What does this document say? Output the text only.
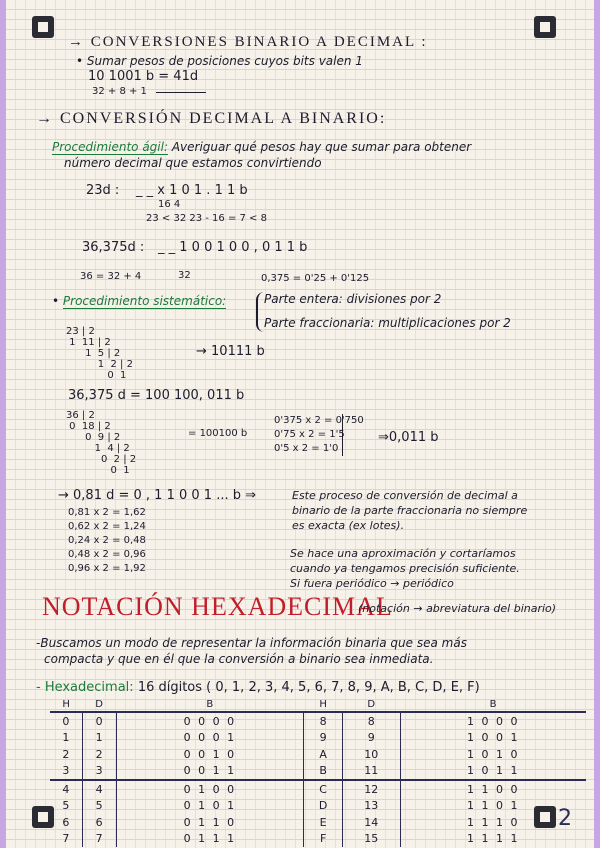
→ CONVERSIONES BINARIO A DECIMAL :
• Sumar pesos de posiciones cuyos bits valen 1
10 1001 b = 41d
32 + 8 + 1
→ CONVERSIÓN DECIMAL A BINARIO:
Procedimiento ágil: Averiguar qué pesos hay que sumar para obtener
número decimal que estamos convirtiendo
23d : _ _ x 1 0 1 . 1 1 b
16 4
23 < 32 23 - 16 = 7 < 8
36,375d : _ _ 1 0 0 1 0 0 , 0 1 1 b
32
36 = 32 + 4	0,375 = 0'25 + 0'125
• Procedimiento sistemático:	Parte entera: divisiones por 2
Parte fraccionaria: multiplicaciones por 2
23 | 2
1  11 | 2
1  5 | 2
1  2 | 2
0  1
→ 10111 b
36,375 d = 100 100, 011 b
36 | 2
0  18 | 2
0  9 | 2
1  4 | 2
0  2 | 2
0  1
= 100100 b
0'375 x 2 = 0'750
0'75 x 2 = 1'5
0'5 x 2 = 1'0
⇒0,011 b
→ 0,81 d = 0 , 1 1 0 0 1 ... b ⇒
0,81 x 2 = 1,62
0,62 x 2 = 1,24
0,24 x 2 = 0,48
0,48 x 2 = 0,96
0,96 x 2 = 1,92
Este proceso de conversión de decimal a
binario de la parte fraccionaria no siempre
es exacta (ex lotes).
Se hace una aproximación y cortaríamos
cuando ya tengamos precisión suficiente.
Si fuera periódico → periódico
NOTACIÓN HEXADECIMAL
(notación → abreviatura del binario)
-Buscamos un modo de representar la información binaria que sea más
compacta y que en él que la conversión a binario sea inmediata.
- Hexadecimal: 16 dígitos ( 0, 1, 2, 3, 4, 5, 6, 7, 8, 9, A, B, C, D, E, F)
H	D	B	H	D	B
0	0	0 0 0 0	8	8	1 0 0 0
1	1	0 0 0 1	9	9	1 0 0 1
2	2	0 0 1 0	A	10	1 0 1 0
3	3	0 0 1 1	B	11	1 0 1 1
4	4	0 1 0 0	C	12	1 1 0 0
5	5	0 1 0 1	D	13	1 1 0 1
6	6	0 1 1 0	E	14	1 1 1 0
7	7	0 1 1 1	F	15	1 1 1 1
2
